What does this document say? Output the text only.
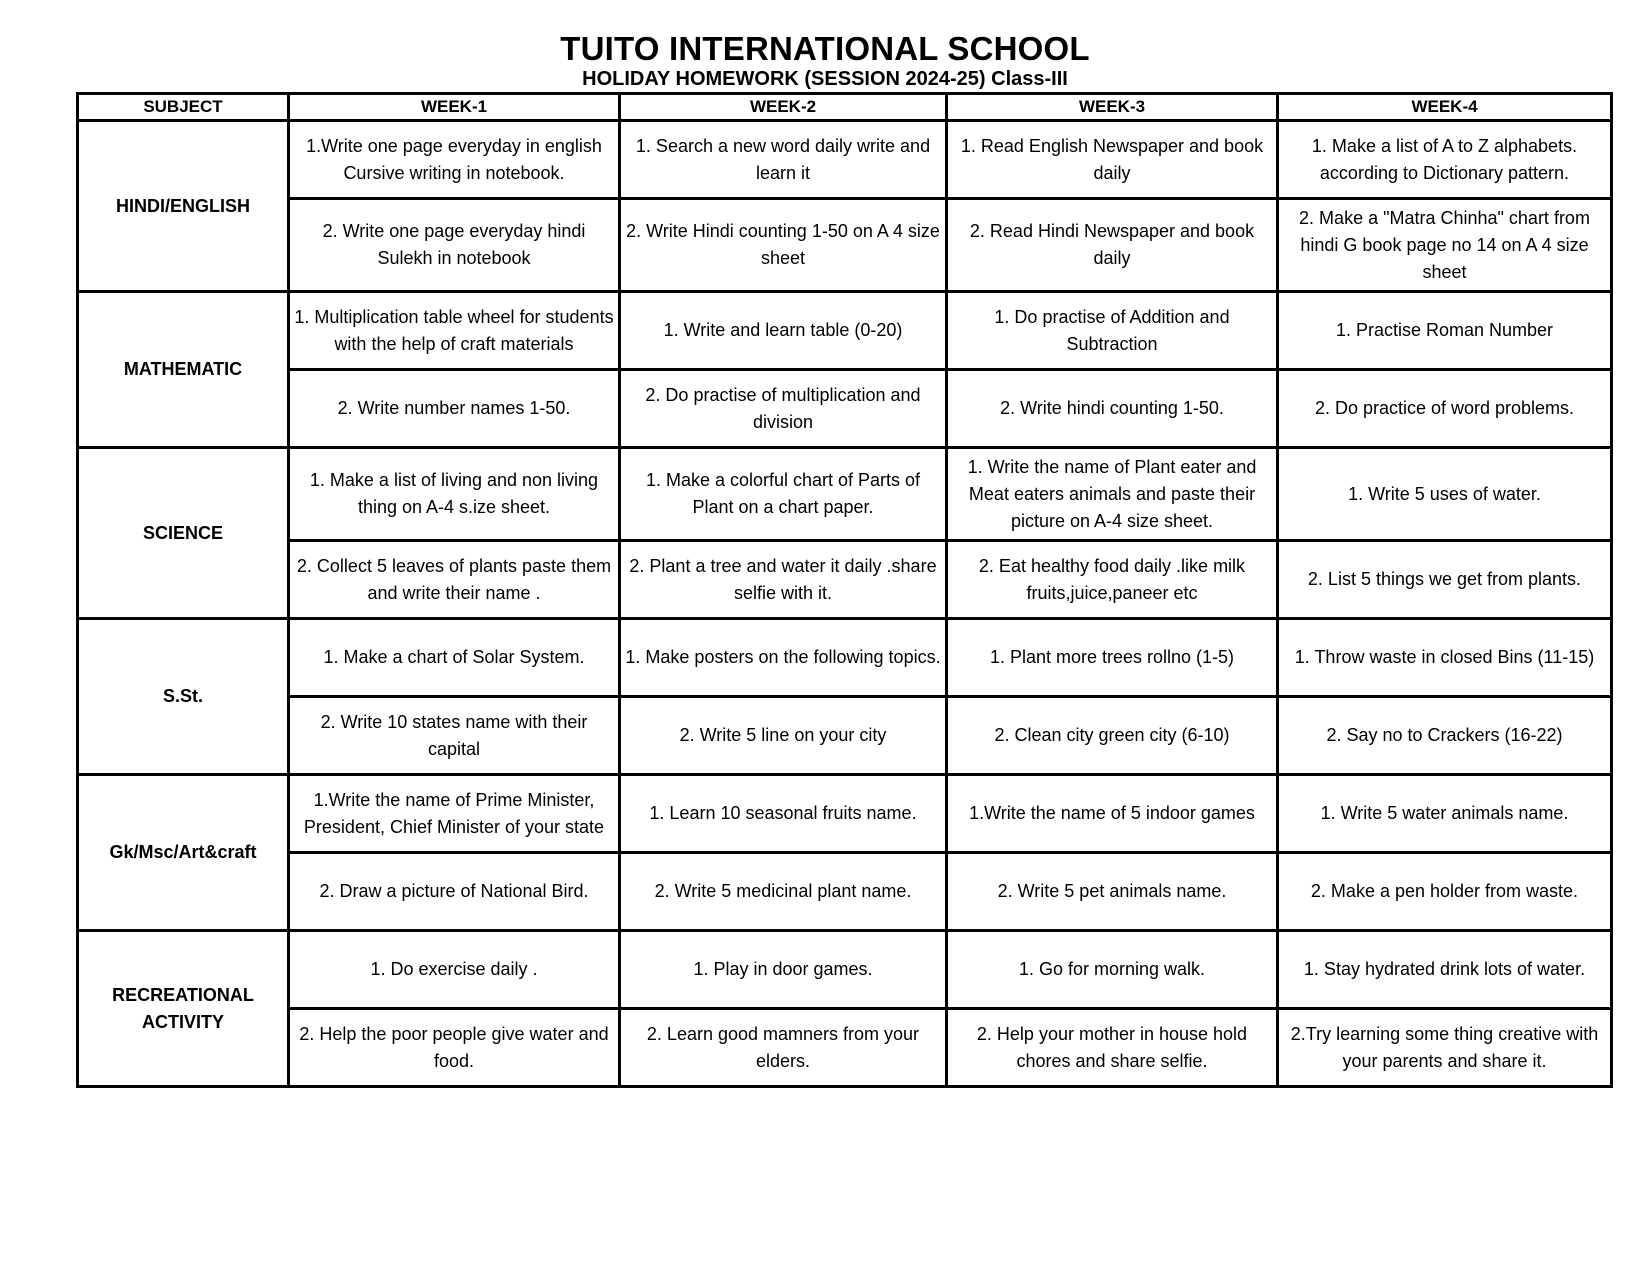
TUITO INTERNATIONAL SCHOOL
HOLIDAY HOMEWORK (SESSION 2024-25) Class-III
SUBJECT	WEEK-1	WEEK-2	WEEK-3	WEEK-4
HINDI/ENGLISH	1.Write one page everyday in english Cursive writing in notebook.	1. Search a new word daily write and learn it	1. Read English Newspaper and book daily	1. Make a list of A to Z alphabets. according to Dictionary pattern.
	2. Write one page everyday hindi Sulekh in notebook	2. Write Hindi counting 1-50 on A 4 size sheet	2. Read Hindi Newspaper and book daily	2. Make a "Matra Chinha" chart from hindi G book page no 14 on A 4 size sheet
MATHEMATIC	1. Multiplication table wheel for students with the help of craft materials	1. Write and learn table (0-20)	1. Do practise of Addition and Subtraction	1. Practise Roman Number
	2. Write number names 1-50.	2. Do practise of multiplication and division	2. Write hindi counting 1-50.	2. Do practice of word problems.
SCIENCE	1. Make a list of living and non living thing on A-4 s.ize sheet.	1. Make a colorful chart of Parts of Plant on a chart paper.	1. Write the name of Plant eater and Meat eaters animals and paste their picture on A-4 size sheet.	1. Write 5 uses of water.
	2. Collect 5 leaves of plants paste them and write their name .	2. Plant a tree and water it daily .share selfie with it.	2. Eat healthy food daily .like milk fruits,juice,paneer etc	2. List 5 things we get from plants.
S.St.	1. Make a chart of Solar System.	1. Make posters on the following topics.	1. Plant more trees rollno (1-5)	1. Throw waste in closed Bins (11-15)
	2. Write 10 states name with their capital	2. Write 5 line on your city	2. Clean city green city (6-10)	2. Say no to Crackers (16-22)
Gk/Msc/Art&craft	1.Write the name of Prime Minister, President, Chief Minister of your state	1. Learn 10 seasonal fruits name.	1.Write the name of 5 indoor games	1. Write 5 water animals name.
	2. Draw a picture of National Bird.	2. Write 5 medicinal plant name.	2. Write 5 pet animals name.	2. Make a pen holder from waste.
RECREATIONAL ACTIVITY	1. Do exercise daily .	1. Play in door games.	1. Go for morning walk.	1. Stay hydrated drink lots of water.
	2. Help the poor people give water and food.	2. Learn good mamners from your elders.	2. Help your mother in house hold chores and share selfie.	2.Try learning some thing creative with your parents and share it.
